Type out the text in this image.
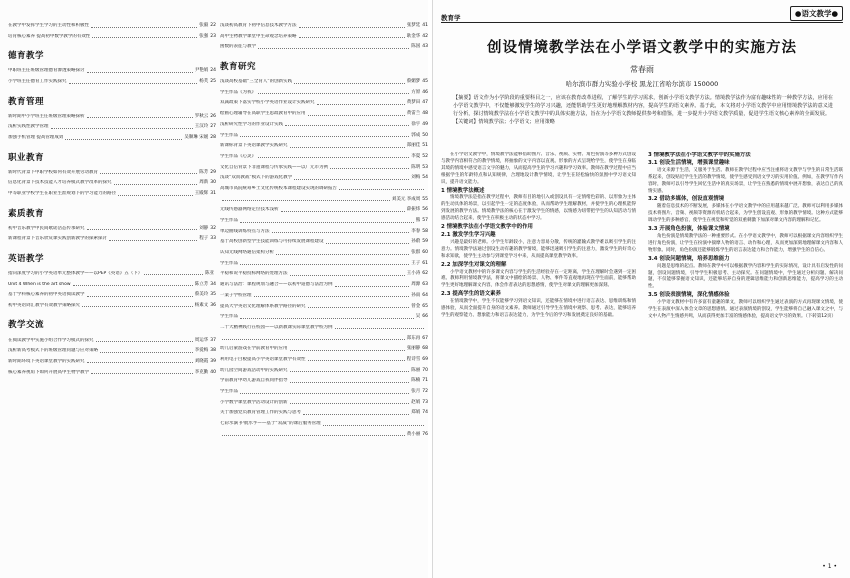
在教学中发挥学生学习的主动性和积极性	张毅 22
培育核心素养 提高初中数学教学的有效性	张强 23
德育教学
中职班主任班级管理德育渗透策略探讨	尹艳娟 24
小学班主任德育工作实践探究	杨芙 25
教育管理
新时期中小学班主任班级管理策略探析	罗秋云 26
浅析实践性教学管理	王汉玲 27
加强手机管理 提高管理成效	吴顺琳 宋媛 28
职业教育
新时代背景下中职学校如何有效开展劳动教育	陈芳 29
信息化背景下技术技能人才培养模式教学改革的探究	周新 30
中等职业学校学生在职业生涯规划下的学习能力的路径	王殿辉 31
素质教育
初中音乐教学中民间歌谣活态传承研究	刘静 32
新课程背景下音乐欣赏课实践创新教学的探索探讨	程子 33
英语教学
指向深度学习的小学英语单元整体教学——以PEP《英语》五（下）	陈亚
Unit 4 When is the art show	陈立芳 34
基于学科核心素养的初中英语阅读教学	蔡美玲 35
初中英语词汇教学有效教学策略探究	杨素文 36
教学交流
在阅读教学中实施小组合作学习模式的探究	周运华 37
浅析新高考模式下的班级管理问题与应对策略	李爱梅 38
新时期环境下英语课堂教学的实践研究	刘晓霞 39
核心素养视角下如何开展高中生物学教学	李克勤 40
浅谈初高教育下初中信息技术教学方法	张梦廷 41
高中生物教学课堂中生命观念培养策略	耿金华 42
函数的表征与教学	陈国 43
教育研究
浅谈高校基础“三全育人”的创新实践	蔡媚梦 45
学生作品《为我》	方原 46
双减政策下落实学校小学英语作业设计实践研究	黄梦田 47
绘画心理辅导在高职学生思政教育中的应用	黄雷兰 48
浅析研究性学习的作业设计实践	徐宇 49
学生作品	郭成 50
新课标背景下英语课教学实践研究	郑丽佳 51
学生作品《心灵》	李夏 52
文化自信背景下非遗课程与传承实践——以广元市为例	陈明 53
浅谈“双而教战”模式下的游戏化教学	刘梅 54
高城市高院统筹乡土文化传统校本课程建设实现的调研报告
刘美元 李成周 55
无线传感器网络定位技术浅析	薛振炜 56
学生作品	熊 57
单边曲线训练特点与方法	李春 58
基于高校创新型学生技能训练与可持续发展课程建设	孙蔚 59
认知无线网络通信架构分析	张群 60
学生作品	王子 61
平稳和说平稳投标网络的处理方法	王小涛 62
通讯与法治：课程规划与融合——以初中道德与法治为例	周源 63
一案子学校管理	孙雨 64
提高大学英语文化理解体系教学路径的研究	曾金 65
学生作品	吴 66
二十大精神践行在校园——以新教课实际课堂教学校为例
郑东再 67
幼儿启蒙游戏在学前教育中的应用	张丽静 68
利用电子白板提高小学英语课堂教学有效性	程诗雪 69
幼儿园空间游戏活动中的实践研究	陈丽 70
学前教育中幼儿游戏自我同伴指导	陈楠 71
学生作品	张月 72
小学数学课堂教学活动设计的创新	赵娟 73
关于加强党员教育管理工作的实践与思考	郑娟 74
七彩水滴 护航水孚——基于“双减”的课后服务管理
黄小丽 76
教育学	●语文教学●
创设情境教学法在小学语文教学中的实施方法
常春雨
哈尔滨市群力实验小学校 黑龙江省哈尔滨市 150000
【摘要】语文作为小学阶段的重要科目之一，应该在教育改革进程，了解学生的学习需求，创新小学语文教学方法。情境教学法作为富有趣味性的一种教学方法，应用在小学语文教学中，不仅能够激发学生的学习兴趣，还能帮助学生更好地理解教材内容，提高学生的语文素养。基于此，本文将对小学语文教学中应用情境教学法的意义进行分析，探讨情境教学法在小学语文教学中的具体实施方法，旨在为小学语文教师提供参考和借鉴，进一步提升小学语文教学质量，促进学生语文核心素养的全面发展。
【关键词】情境教学法；小学语文；应用策略

在小学语文教学中，情境教学法能够借助图片、音乐、视频、实物、角色扮演等多种方式创设与教学内容相符合的教学情境，将抽象的文字内容以直观、形象的方式呈现给学生，使学生在身临其境的情境中感受语言文字的魅力，从而提高学生的学习兴趣和学习效率。教师在教学过程中应当根据学生的年龄特点和认知规律，合理地设计教学情境，让学生在轻松愉快的氛围中学习语文知识，提升语文能力。

1 情境教学法概述

情境教学法是指在教学过程中，教师有目的地引入或创设具有一定情绪色彩的、以形象为主体的生动具体的场景，以引起学生一定的态度体验，从而帮助学生理解教材，并使学生的心理机能得到发展的教学方法。情境教学法的核心在于激发学生的情感，以情感为纽带把学生的认知活动与情感活动结合起来，使学生在积极主动的状态中学习。

2 情境教学法在小学语文教学中的作用
2.1 激发学生学习兴趣

兴趣是最好的老师。小学生年龄较小，注意力容易分散，传统的灌输式教学难以吸引学生的注意力。情境教学法通过创设生动有趣的教学情境，能够迅速吸引学生的注意力，激发学生的好奇心和求知欲，使学生主动参与到课堂学习中来，从而提高课堂教学效率。

2.2 加深学生对课文的理解

小学语文教材中的许多课文内容与学生的生活经验存在一定距离，学生在理解时会遇到一定困难。教师利用情境教学法，将课文中描绘的场景、人物、事件等直观地再现在学生面前，能够帮助学生更好地理解课文内容，体会作者表达的思想感情，使学生对课文的理解更加深刻。

2.3 提高学生的语文素养

在情境教学中，学生不仅能够学习到语文知识，还能够在情境中进行语言表达、思维训练和情感体验，从而全面提升自身的语文素养。教师通过引导学生在情境中观察、思考、表达，能够培养学生的观察能力、想象能力和语言表达能力，为学生今后的学习和发展奠定良好的基础。

3 情境教学法在小学语文教学中的实施方法
3.1 创设生活情境，增强课堂趣味

语文来源于生活，又服务于生活。教师在教学过程中应当注重将语文教学与学生的日常生活联系起来，创设贴近学生生活的教学情境，使学生感受到语文学习的实用价值。例如，在教学写作内容时，教师可以引导学生回忆生活中的真实场景，让学生在熟悉的情境中展开想象，表达自己的真情实感。

3.2 借助多媒体，创设直观情境

随着信息技术的不断发展，多媒体在小学语文教学中的应用越来越广泛。教师可以利用多媒体技术将图片、音频、视频等资源有机结合起来，为学生创设直观、形象的教学情境。这种方式能够调动学生的多种感官，使学生在视觉和听觉的双重刺激下加深对课文内容的理解和记忆。

3.3 开展角色扮演，体验课文情境

角色扮演是情境教学法的一种重要形式。在小学语文教学中，教师可以根据课文内容组织学生进行角色扮演，让学生在扮演中揣摩人物的语言、动作和心理，从而更加深刻地理解课文内容和人物形象。同时，角色扮演还能够锻炼学生的语言表达能力和合作能力，增强学生的自信心。

3.4 创设问题情境，培养思维能力

问题是思维的起点。教师在教学中可以根据教学内容和学生的实际情况，设计具有启发性的问题，创设问题情境，引导学生积极思考、主动探究。在问题情境中，学生通过分析问题、解决问题，不仅能够掌握语文知识，还能够培养自身的逻辑思维能力和创新思维能力，提高学习的主动性。

3.5 创设表演情境，深化情感体验

小学语文教材中有许多富有童趣的课文，教师可以组织学生通过表演的方式再现课文情境，使学生在表演中深入体会文章的思想感情。通过表演情境的创设，学生能够将自己融入课文之中，与文中人物产生情感共鸣，从而获得更加丰富的情感体验，提高语文学习的效果。（下转第12页）

• 1 •
